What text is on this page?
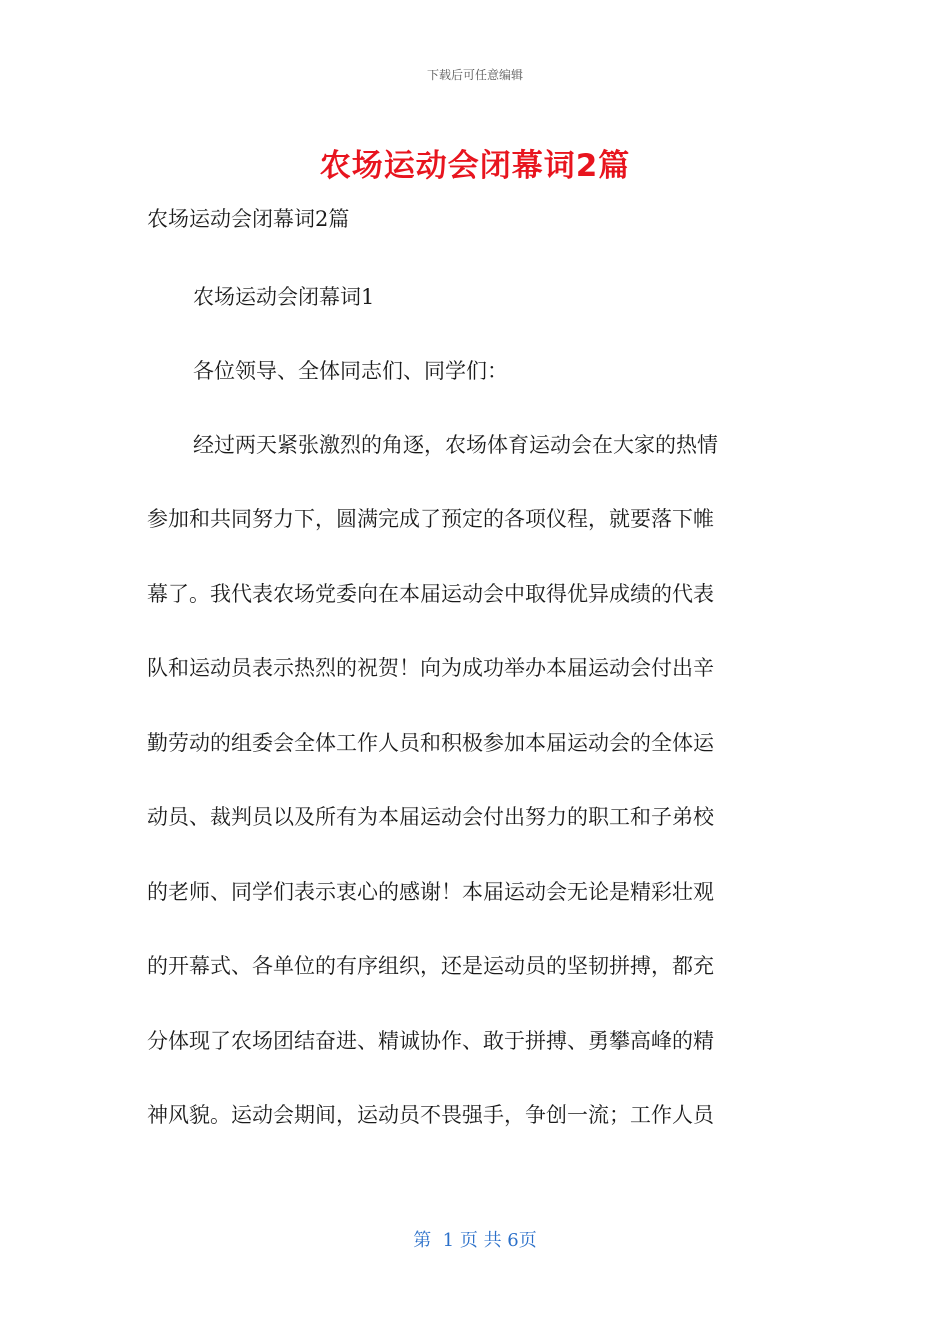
下载后可任意编辑
农场运动会闭幕词2篇

农场运动会闭幕词2篇

农场运动会闭幕词1

各位领导、全体同志们、同学们：

经过两天紧张激烈的角逐，农场体育运动会在大家的热情
参加和共同努力下，圆满完成了预定的各项仪程，就要落下帷
幕了。我代表农场党委向在本届运动会中取得优异成绩的代表
队和运动员表示热烈的祝贺！向为成功举办本届运动会付出辛
勤劳动的组委会全体工作人员和积极参加本届运动会的全体运
动员、裁判员以及所有为本届运动会付出努力的职工和子弟校
的老师、同学们表示衷心的感谢！本届运动会无论是精彩壮观
的开幕式、各单位的有序组织，还是运动员的坚韧拼搏，都充
分体现了农场团结奋进、精诚协作、敢于拼搏、勇攀高峰的精
神风貌。运动会期间，运动员不畏强手，争创一流；工作人员
第  1 页 共 6页
